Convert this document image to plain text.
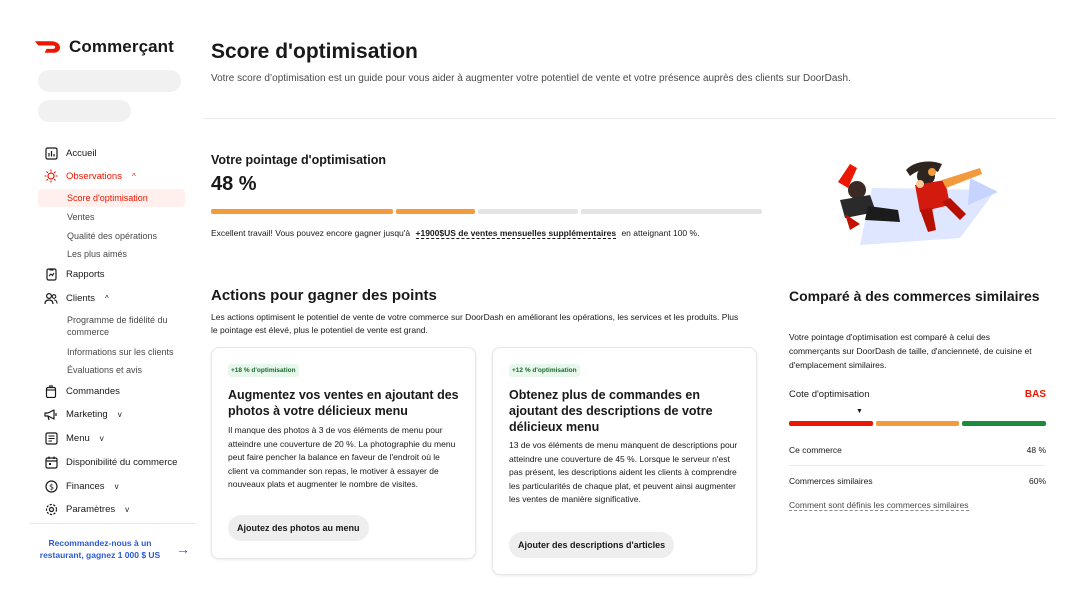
Commerçant
Accueil
Observations ^
Score d'optimisation
Ventes
Qualité des opérations
Les plus aimés
Rapports
Clients ^
Programme de fidélité du commerce
Informations sur les clients
Évaluations et avis
Commandes
Marketing v
Menu v
Disponibilité du commerce
$ Finances v
Paramètres v
Recommandez-nous à un restaurant, gagnez 1 000 $ US	→
Score d'optimisation

Votre score d’optimisation est un guide pour vous aider à augmenter votre potentiel de vente et votre présence auprès des clients sur DoorDash.

Votre pointage d'optimisation
48 %
Excellent travail! Vous pouvez encore gagner jusqu'à +1900$US de ventes mensuelles supplémentaires en atteignant 100 %.
Actions pour gagner des points

Les actions optimisent le potentiel de vente de votre commerce sur DoorDash en améliorant les opérations, les services et les produits. Plus le pointage est élevé, plus le potentiel de vente est grand.

+18 % d'optimisation
Augmentez vos ventes en ajoutant des photos à votre délicieux menu
Il manque des photos à 3 de vos éléments de menu pour atteindre une couverture de 20 %. La photographie du menu peut faire pencher la balance en faveur de l'endroit où le client va commander son repas, le motiver à essayer de nouveaux plats et augmenter le nombre de visites.
Ajoutez des photos au menu
+12 % d'optimisation
Obtenez plus de commandes en ajoutant des descriptions de votre délicieux menu
13 de vos éléments de menu manquent de descriptions pour atteindre une couverture de 45 %. Lorsque le serveur n'est pas présent, les descriptions aident les clients à comprendre les particularités de chaque plat, et peuvent ainsi augmenter les ventes de manière significative.
Ajouter des descriptions d'articles
Comparé à des commerces similaires

Votre pointage d'optimisation est comparé à celui des commerçants sur DoorDash de taille, d'ancienneté, de cuisine et d'emplacement similaires.

Cote d'optimisation	BAS
▼
Ce commerce	48 %
Commerces similaires	60%
Comment sont définis les commerces similaires
